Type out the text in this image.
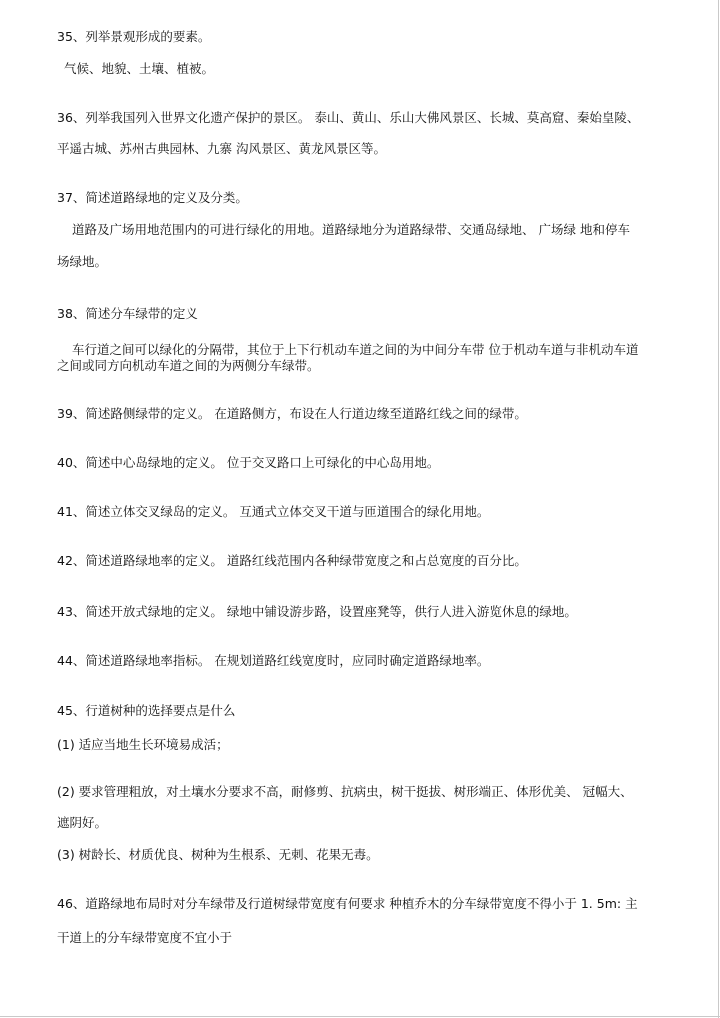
35、列举景观形成的要素。
气候、地貌、土壤、植被。
36、列举我国列入世界文化遗产保护的景区。 泰山、黄山、乐山大佛风景区、长城、莫高窟、秦始皇陵、
平遥古城、苏州古典园林、九寨 沟风景区、黄龙风景区等。
37、简述道路绿地的定义及分类。
道路及广场用地范围内的可进行绿化的用地。道路绿地分为道路绿带、交通岛绿地、 广场绿 地和停车
场绿地。
38、简述分车绿带的定义
车行道之间可以绿化的分隔带，其位于上下行机动车道之间的为中间分车带 位于机动车道与非机动车道
之间或同方向机动车道之间的为两侧分车绿带。
39、简述路侧绿带的定义。 在道路侧方，布设在人行道边缘至道路红线之间的绿带。
40、简述中心岛绿地的定义。 位于交叉路口上可绿化的中心岛用地。
41、简述立体交叉绿岛的定义。 互通式立体交叉干道与匝道围合的绿化用地。
42、简述道路绿地率的定义。 道路红线范围内各种绿带宽度之和占总宽度的百分比。
43、简述开放式绿地的定义。 绿地中铺设游步路，设置座凳等，供行人进入游览休息的绿地。
44、简述道路绿地率指标。 在规划道路红线宽度时，应同时确定道路绿地率。
45、行道树种的选择要点是什么
(1) 适应当地生长环境易成活；
(2) 要求管理粗放，对土壤水分要求不高，耐修剪、抗病虫，树干挺拔、树形端正、体形优美、 冠幅大、
遮阴好。
(3) 树龄长、材质优良、树种为生根系、无刺、花果无毒。
46、道路绿地布局时对分车绿带及行道树绿带宽度有何要求 种植乔木的分车绿带宽度不得小于 1. 5m: 主
干道上的分车绿带宽度不宜小于
